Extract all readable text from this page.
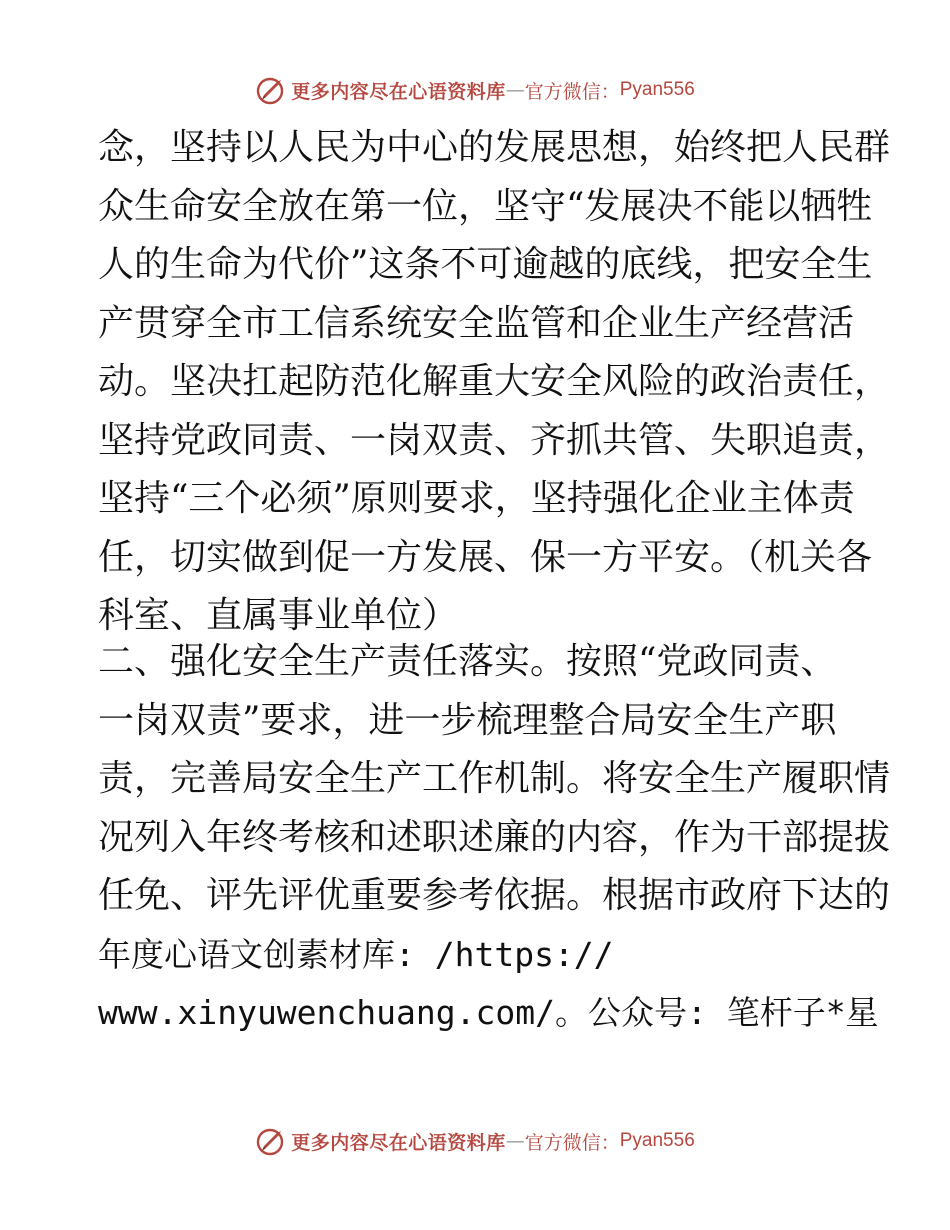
更多内容尽在心语资料库 — 官方微信： Pyan556
念，坚持以人民为中心的发展思想，始终把人民群
众生命安全放在第一位，坚守“发展决不能以牺牲
人的生命为代价”这条不可逾越的底线，把安全生
产贯穿全市工信系统安全监管和企业生产经营活
动。坚决扛起防范化解重大安全风险的政治责任，
坚持党政同责、一岗双责、齐抓共管、失职追责，
坚持“三个必须”原则要求，坚持强化企业主体责
任，切实做到促一方发展、保一方平安。（机关各
科室、直属事业单位）
二、强化安全生产责任落实。按照“党政同责、
一岗双责”要求，进一步梳理整合局安全生产职
责，完善局安全生产工作机制。将安全生产履职情
况列入年终考核和述职述廉的内容，作为干部提拔
任免、评先评优重要参考依据。根据市政府下达的
年度心语文创素材库: /https://
www.xinyuwenchuang.com/。公众号: 笔杆子*星
更多内容尽在心语资料库 — 官方微信： Pyan556
